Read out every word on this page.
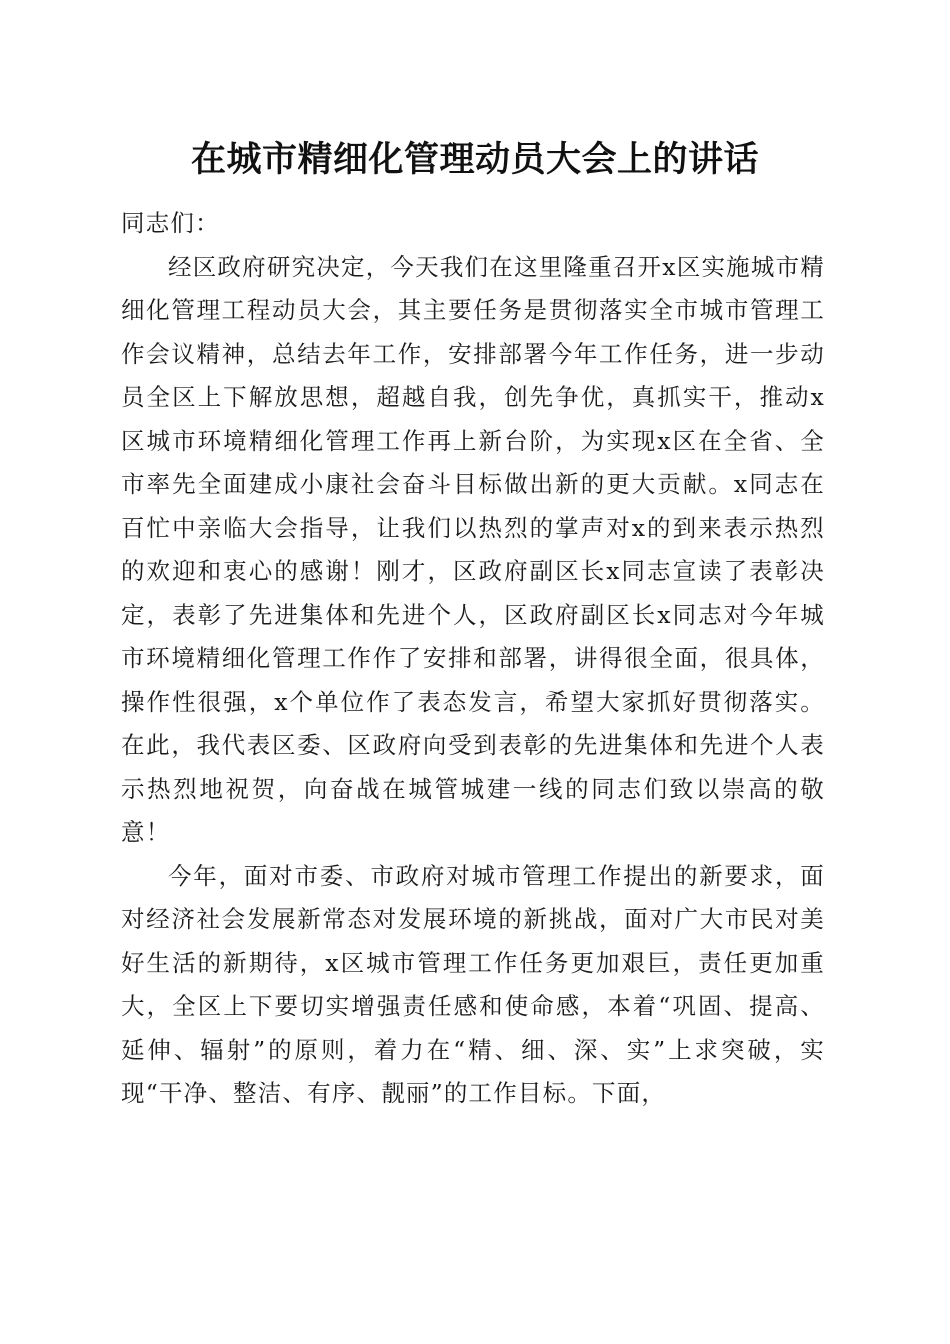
在城市精细化管理动员大会上的讲话

同志们：

经区政府研究决定，今天我们在这里隆重召开x区实施城市精细化管理工程动员大会，其主要任务是贯彻落实全市城市管理工作会议精神，总结去年工作，安排部署今年工作任务，进一步动员全区上下解放思想，超越自我，创先争优，真抓实干，推动x区城市环境精细化管理工作再上新台阶，为实现x区在全省、全市率先全面建成小康社会奋斗目标做出新的更大贡献。x同志在百忙中亲临大会指导，让我们以热烈的掌声对x的到来表示热烈的欢迎和衷心的感谢！刚才，区政府副区长x同志宣读了表彰决定，表彰了先进集体和先进个人，区政府副区长x同志对今年城市环境精细化管理工作作了安排和部署，讲得很全面，很具体，操作性很强，x个单位作了表态发言，希望大家抓好贯彻落实。在此，我代表区委、区政府向受到表彰的先进集体和先进个人表示热烈地祝贺，向奋战在城管城建一线的同志们致以崇高的敬意！

今年，面对市委、市政府对城市管理工作提出的新要求，面对经济社会发展新常态对发展环境的新挑战，面对广大市民对美好生活的新期待，x区城市管理工作任务更加艰巨，责任更加重大，全区上下要切实增强责任感和使命感，本着“巩固、提高、延伸、辐射”的原则，着力在“精、细、深、实”上求突破，实现“干净、整洁、有序、靓丽”的工作目标。下面，
